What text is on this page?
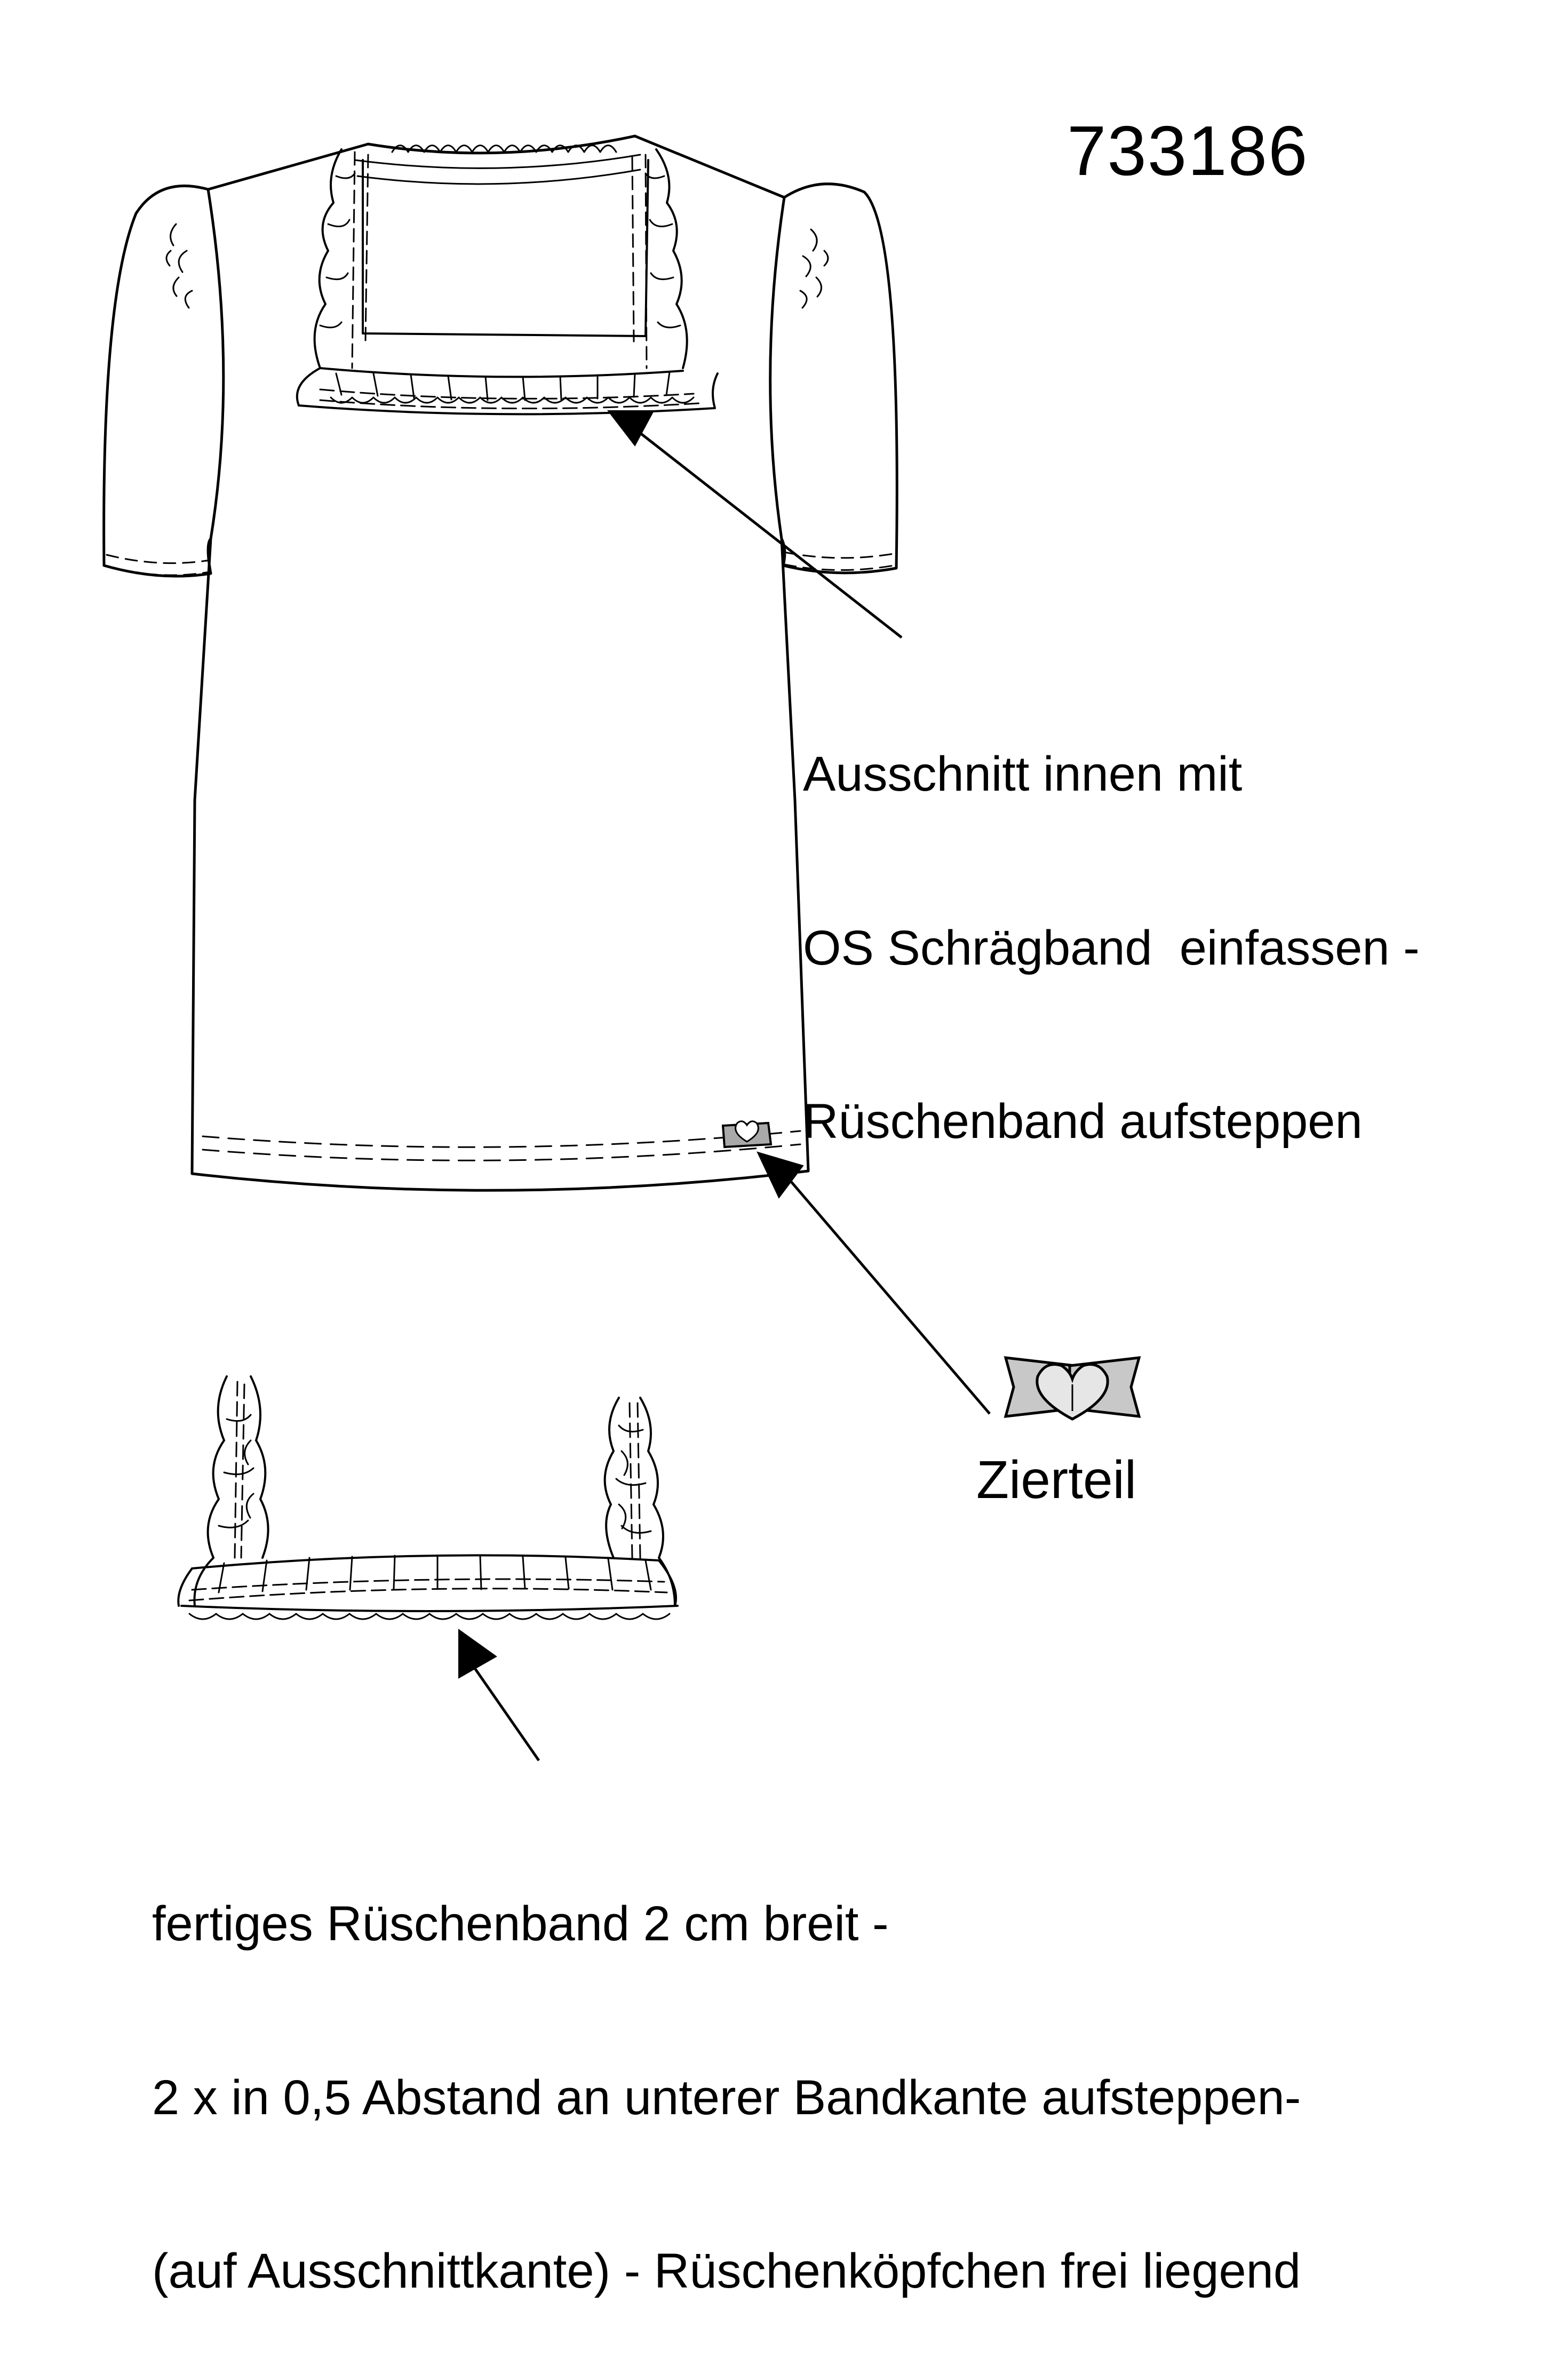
733186

Ausschnitt innen mit

OS Schrägband  einfassen -

Rüschenband aufsteppen

Zierteil

fertiges Rüschenband 2 cm breit -

2 x in 0,5 Abstand an unterer Bandkante aufsteppen-

(auf Ausschnittkante) - Rüschenköpfchen frei liegend
